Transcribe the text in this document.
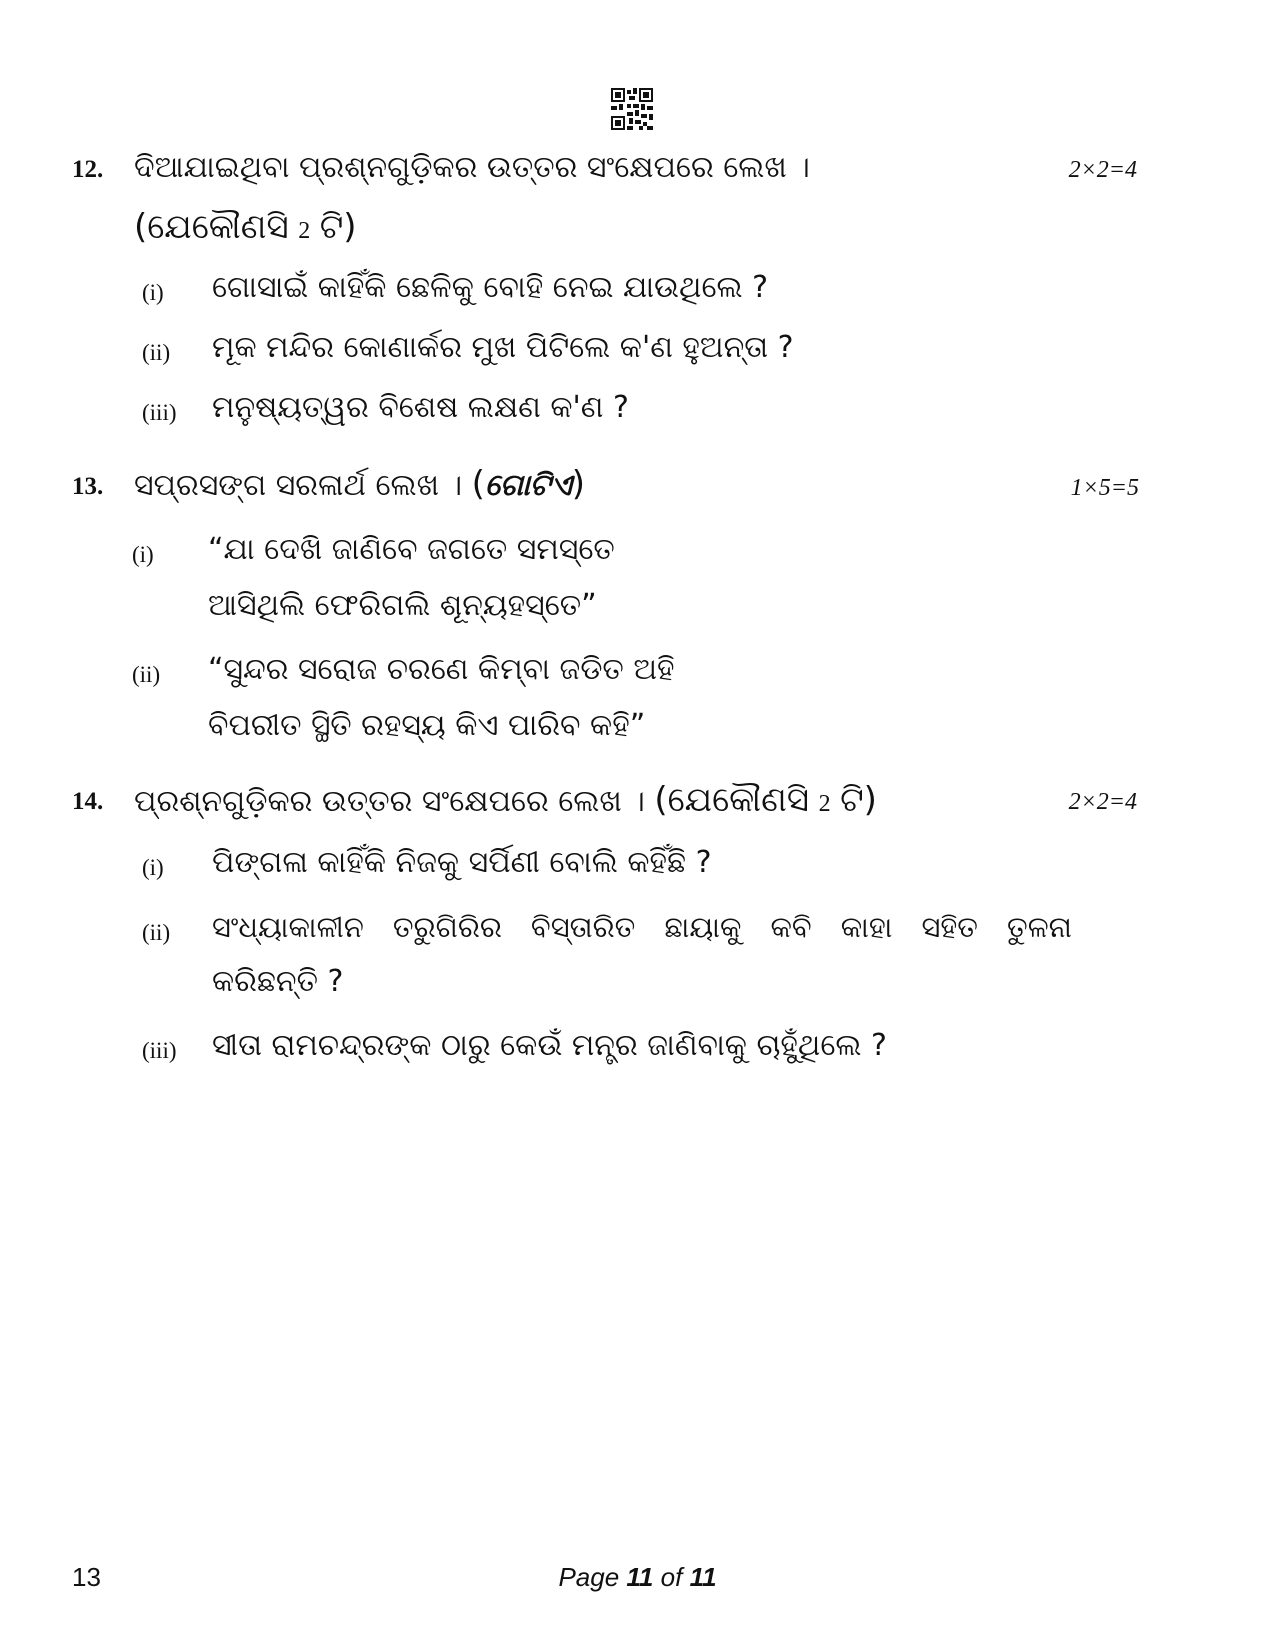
12. ଦିଆଯାଇଥିବା ପ୍ରଶ୍ନଗୁଡ଼ିକର ଉତ୍ତର ସଂକ୍ଷେପରେ ଲେଖ ।	2×2=4
(ଯେକୌଣସି 2 ଟି)
(i) ଗୋସାଇଁ କାହିଁକି ଛେଳିକୁ ବୋହି ନେଇ ଯାଉଥିଲେ ?
(ii) ମୂକ ମନ୍ଦିର କୋଣାର୍କର ମୁଖ ପିଟିଲେ କ'ଣ ହୁଅନ୍ତା ?
(iii) ମନୁଷ୍ୟତ୍ୱର ବିଶେଷ ଲକ୍ଷଣ କ'ଣ ?
13. ସପ୍ରସଙ୍ଗ ସରଳାର୍ଥ ଲେଖ । (ଗୋଟିଏ)	1×5=5
(i) “ଯା ଦେଖି ଜାଣିବେ ଜଗତେ ସମସ୍ତେ
ଆସିଥିଲି ଫେରିଗଲି ଶୂନ୍ୟହସ୍ତେ”
(ii) “ସୁନ୍ଦର ସରୋଜ ଚରଣେ କିମ୍ବା ଜଡିତ ଅହି
ବିପରୀତ ସ୍ଥିତି ରହସ୍ୟ କିଏ ପାରିବ କହି”
14. ପ୍ରଶ୍ନଗୁଡ଼ିକର ଉତ୍ତର ସଂକ୍ଷେପରେ ଲେଖ । (ଯେକୌଣସି 2 ଟି)	2×2=4
(i) ପିଙ୍ଗଳା କାହିଁକି ନିଜକୁ ସର୍ପିଣୀ ବୋଲି କହିଁଛି ?
(ii) ସଂଧ୍ୟାକାଳୀନ ତରୁଗିରିର ବିସ୍ତାରିତ ଛାୟାକୁ କବି କାହା ସହିତ ତୁଳନା
କରିଛନ୍ତି ?
(iii) ସୀତା ରାମଚନ୍ଦ୍ରଙ୍କ ଠାରୁ କେଉଁ ମନ୍ତ୍ର ଜାଣିବାକୁ ଚାହୁଁଥିଲେ ?
13	Page 11 of 11
